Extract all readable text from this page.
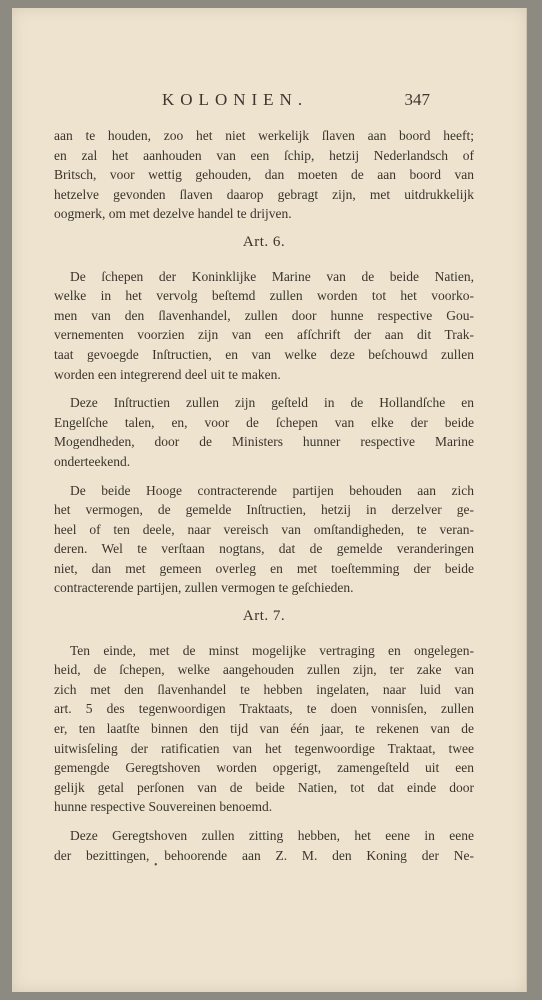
KOLONIEN.	347
aan te houden, zoo het niet werkelijk ſlaven aan boord heeft;
en zal het aanhouden van een ſchip, hetzij Nederlandsch of
Britsch, voor wettig gehouden, dan moeten de aan boord van
hetzelve gevonden ſlaven daarop gebragt zijn, met uitdrukkelijk
oogmerk, om met dezelve handel te drijven.
Art. 6.
De ſchepen der Koninklijke Marine van de beide Natien,
welke in het vervolg beſtemd zullen worden tot het voorko-
men van den ſlavenhandel, zullen door hunne respective Gou-
vernementen voorzien zijn van een afſchrift der aan dit Trak-
taat gevoegde Inſtructien, en van welke deze beſchouwd zullen
worden een integrerend deel uit te maken.
Deze Inſtructien zullen zijn geſteld in de Hollandſche en
Engelſche talen, en, voor de ſchepen van elke der beide
Mogendheden, door de Ministers hunner respective Marine
onderteekend.
De beide Hooge contracterende partijen behouden aan zich
het vermogen, de gemelde Inſtructien, hetzij in derzelver ge-
heel of ten deele, naar vereisch van omſtandigheden, te veran-
deren. Wel te verſtaan nogtans, dat de gemelde veranderingen
niet, dan met gemeen overleg en met toeſtemming der beide
contracterende partijen, zullen vermogen te geſchieden.
Art. 7.
Ten einde, met de minst mogelijke vertraging en ongelegen-
heid, de ſchepen, welke aangehouden zullen zijn, ter zake van
zich met den ſlavenhandel te hebben ingelaten, naar luid van
art. 5 des tegenwoordigen Traktaats, te doen vonnisſen, zullen
er, ten laatſte binnen den tijd van één jaar, te rekenen van de
uitwisſeling der ratificatien van het tegenwoordige Traktaat, twee
gemengde Geregtshoven worden opgerigt, zamengeſteld uit een
gelijk getal perſonen van de beide Natien, tot dat einde door
hunne respective Souvereinen benoemd.
Deze Geregtshoven zullen zitting hebben, het eene in eene
der bezittingen, behoorende aan Z. M. den Koning der Ne-
•
